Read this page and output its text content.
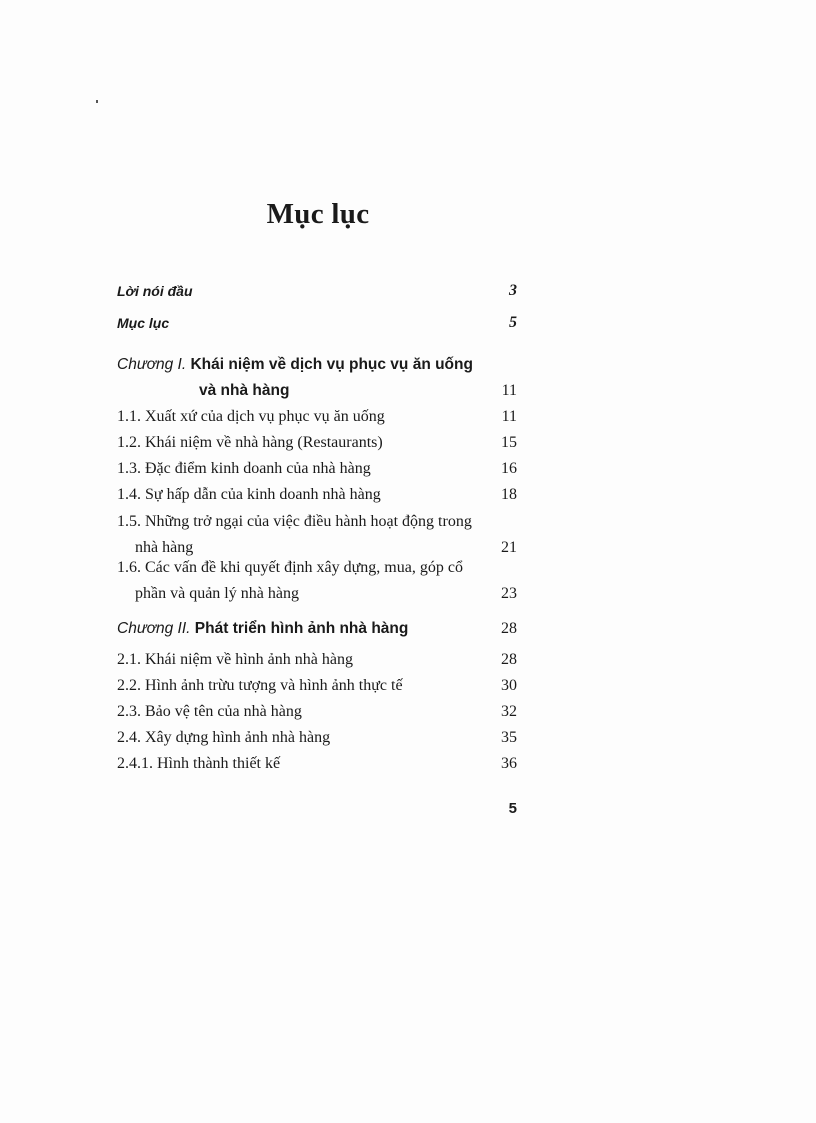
Mục lục
Lời nói đầu	3
Mục lục	5
Chương I. Khái niệm về dịch vụ phục vụ ăn uống và nhà hàng	11
1.1. Xuất xứ của dịch vụ phục vụ ăn uống	11
1.2. Khái niệm về nhà hàng (Restaurants)	15
1.3. Đặc điểm kinh doanh của nhà hàng	16
1.4. Sự hấp dẫn của kinh doanh nhà hàng	18
1.5. Những trở ngại của việc điều hành hoạt động trong nhà hàng	21
1.6. Các vấn đề khi quyết định xây dựng, mua, góp cổ phần và quản lý nhà hàng	23
Chương II. Phát triển hình ảnh nhà hàng	28
2.1. Khái niệm về hình ảnh nhà hàng	28
2.2. Hình ảnh trừu tượng và hình ảnh thực tế	30
2.3. Bảo vệ tên của nhà hàng	32
2.4. Xây dựng hình ảnh nhà hàng	35
2.4.1. Hình thành thiết kế	36
5
